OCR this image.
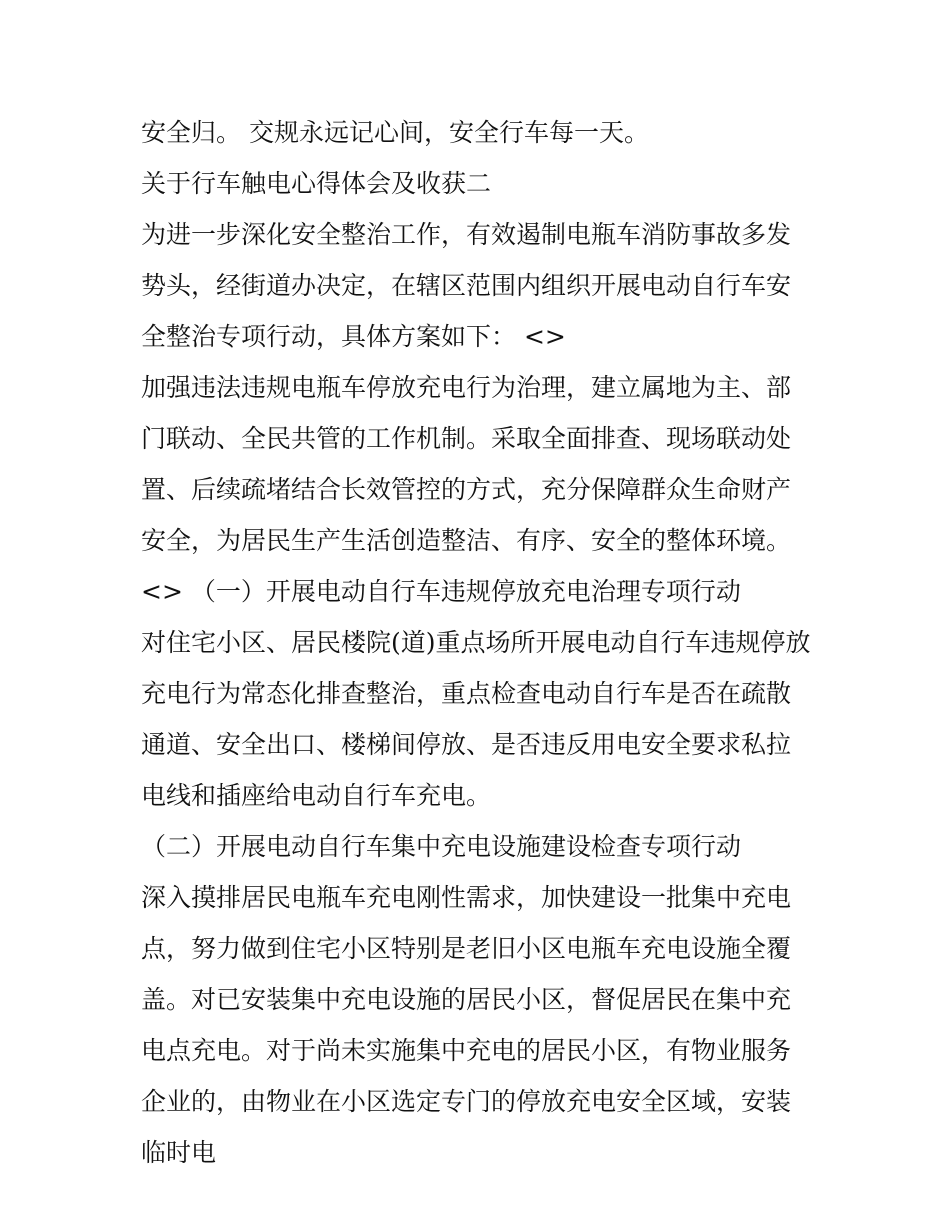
安全归。 交规永远记心间，安全行车每一天。

关于行车触电心得体会及收获二

为进一步深化安全整治工作，有效遏制电瓶车消防事故多发势头，经街道办决定，在辖区范围内组织开展电动自行车安全整治专项行动，具体方案如下： <>

加强违法违规电瓶车停放充电行为治理，建立属地为主、部门联动、全民共管的工作机制。采取全面排查、现场联动处置、后续疏堵结合长效管控的方式，充分保障群众生命财产安全，为居民生产生活创造整洁、有序、安全的整体环境。

<> （一）开展电动自行车违规停放充电治理专项行动

对住宅小区、居民楼院(道)重点场所开展电动自行车违规停放充电行为常态化排查整治，重点检查电动自行车是否在疏散通道、安全出口、楼梯间停放、是否违反用电安全要求私拉电线和插座给电动自行车充电。

（二）开展电动自行车集中充电设施建设检查专项行动

深入摸排居民电瓶车充电刚性需求，加快建设一批集中充电点，努力做到住宅小区特别是老旧小区电瓶车充电设施全覆盖。对已安装集中充电设施的居民小区，督促居民在集中充电点充电。对于尚未实施集中充电的居民小区，有物业服务企业的，由物业在小区选定专门的停放充电安全区域，安装临时电
